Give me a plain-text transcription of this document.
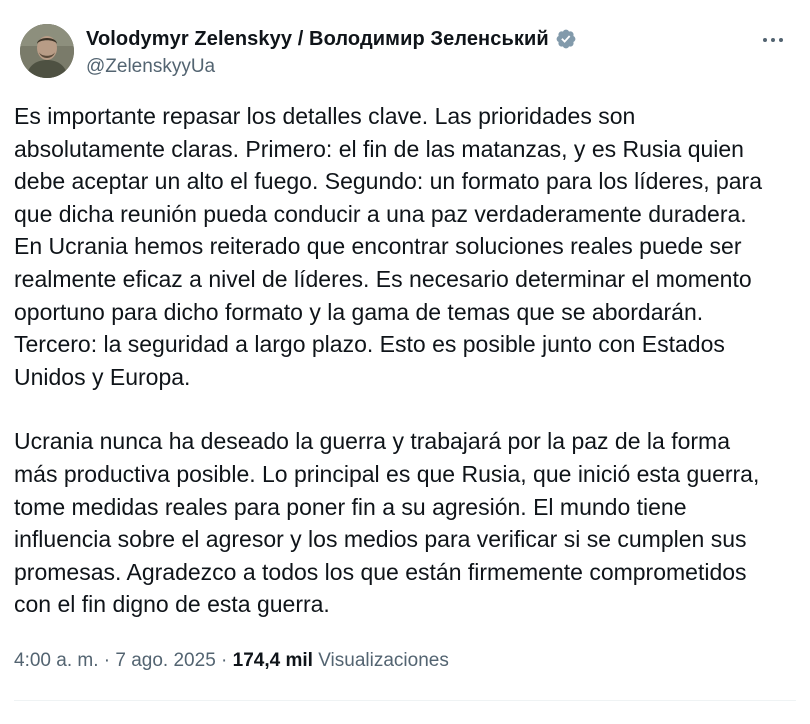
Volodymyr Zelenskyy / Володимир Зеленський
@ZelenskyyUa

Es importante repasar los detalles clave. Las prioridades son
absolutamente claras. Primero: el fin de las matanzas, y es Rusia quien
debe aceptar un alto el fuego. Segundo: un formato para los líderes, para
que dicha reunión pueda conducir a una paz verdaderamente duradera.
En Ucrania hemos reiterado que encontrar soluciones reales puede ser
realmente eficaz a nivel de líderes. Es necesario determinar el momento
oportuno para dicho formato y la gama de temas que se abordarán.
Tercero: la seguridad a largo plazo. Esto es posible junto con Estados
Unidos y Europa.

Ucrania nunca ha deseado la guerra y trabajará por la paz de la forma
más productiva posible. Lo principal es que Rusia, que inició esta guerra,
tome medidas reales para poner fin a su agresión. El mundo tiene
influencia sobre el agresor y los medios para verificar si se cumplen sus
promesas. Agradezco a todos los que están firmemente comprometidos
con el fin digno de esta guerra.

4:00 a. m. · 7 ago. 2025 · 174,4 mil Visualizaciones
